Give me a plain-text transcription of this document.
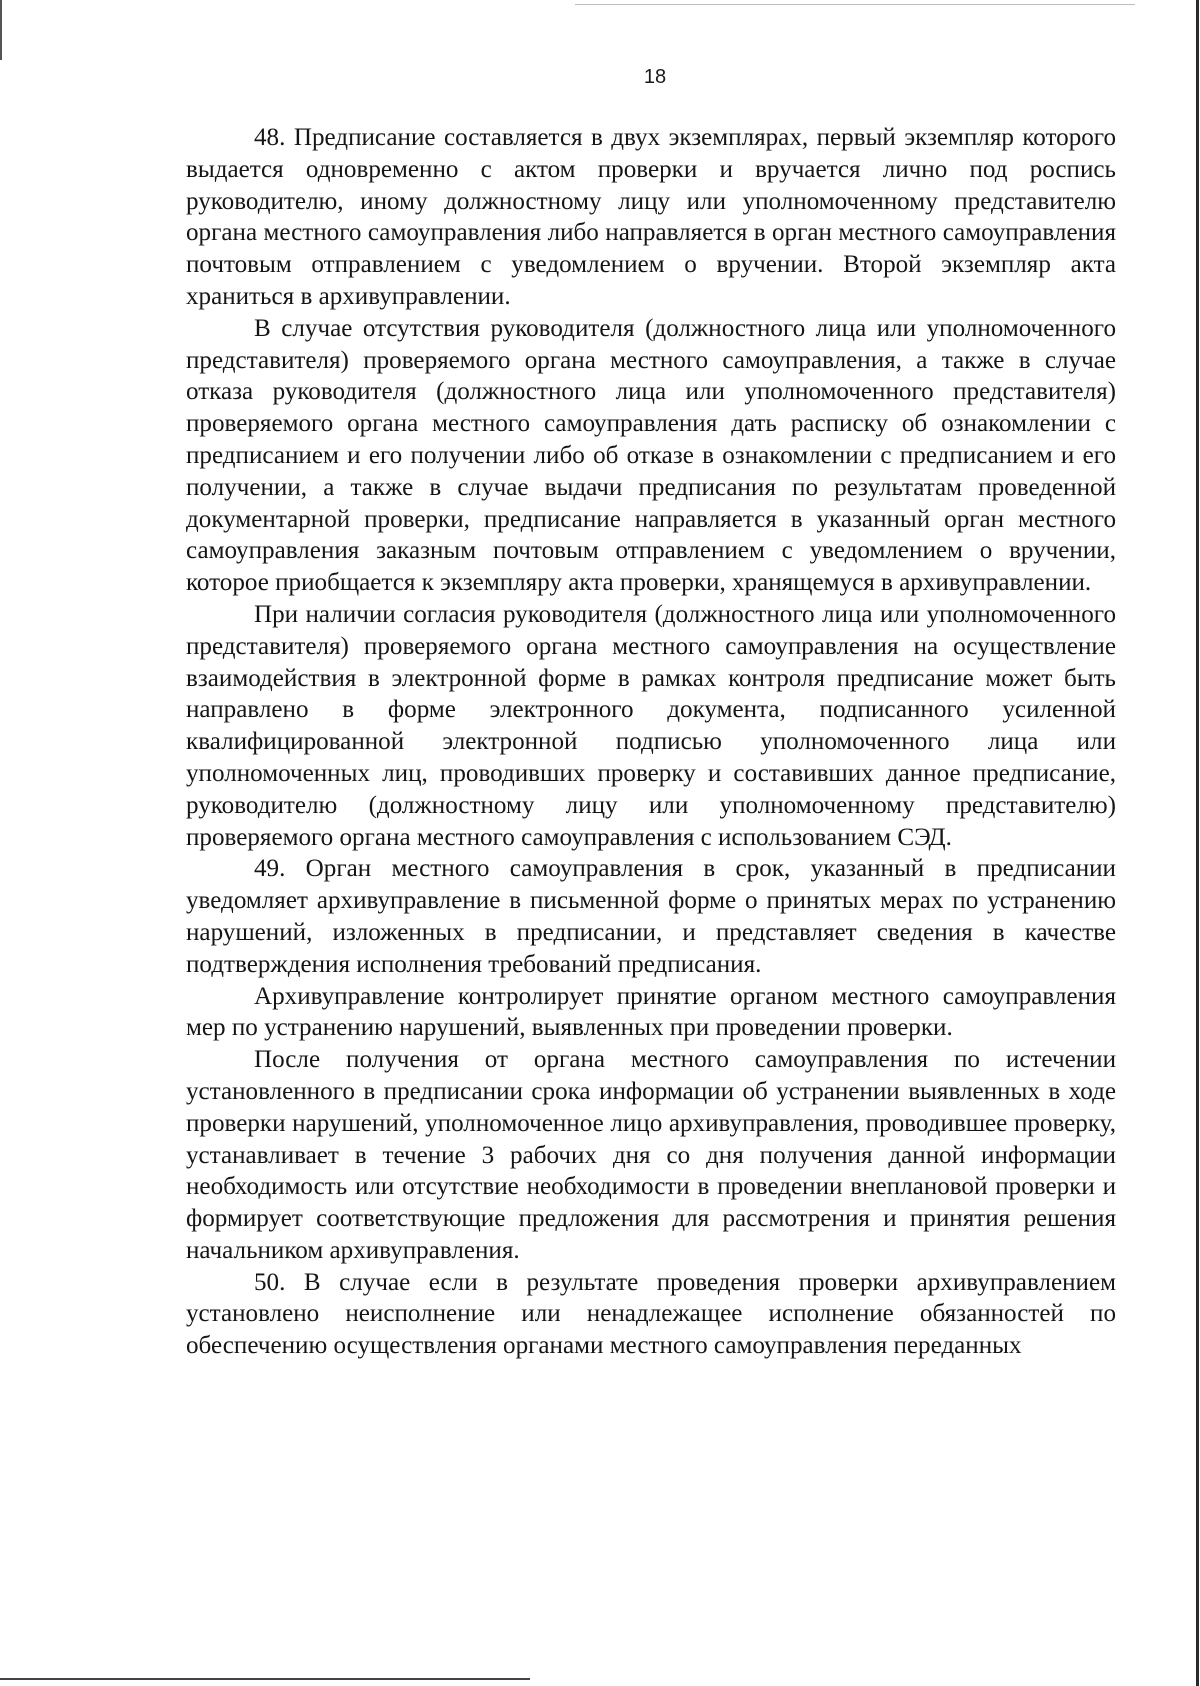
18

48. Предписание составляется в двух экземплярах, первый экземпляр которого выдается одновременно с актом проверки и вручается лично под роспись руководителю, иному должностному лицу или уполномоченному представителю органа местного самоуправления либо направляется в орган местного самоуправления почтовым отправлением с уведомлением о вручении. Второй экземпляр акта храниться в архивуправлении.

В случае отсутствия руководителя (должностного лица или уполномоченного представителя) проверяемого органа местного самоуправления, а также в случае отказа руководителя (должностного лица или уполномоченного представителя) проверяемого органа местного самоуправления дать расписку об ознакомлении с предписанием и его получении либо об отказе в ознакомлении с предписанием и его получении, а также в случае выдачи предписания по результатам проведенной документарной проверки, предписание направляется в указанный орган местного самоуправления заказным почтовым отправлением с уведомлением о вручении, которое приобщается к экземпляру акта проверки, хранящемуся в архивуправлении.

При наличии согласия руководителя (должностного лица или уполномоченного представителя) проверяемого органа местного самоуправления на осуществление взаимодействия в электронной форме в рамках контроля предписание может быть направлено в форме электронного документа, подписанного усиленной квалифицированной электронной подписью уполномоченного лица или уполномоченных лиц, проводивших проверку и составивших данное предписание, руководителю (должностному лицу или уполномоченному представителю) проверяемого органа местного самоуправления с использованием СЭД.

49. Орган местного самоуправления в срок, указанный в предписании уведомляет архивуправление в письменной форме о принятых мерах по устранению нарушений, изложенных в предписании, и представляет сведения в качестве подтверждения исполнения требований предписания.

Архивуправление контролирует принятие органом местного самоуправления мер по устранению нарушений, выявленных при проведении проверки.

После получения от органа местного самоуправления по истечении установленного в предписании срока информации об устранении выявленных в ходе проверки нарушений, уполномоченное лицо архивуправления, проводившее проверку, устанавливает в течение 3 рабочих дня со дня получения данной информации необходимость или отсутствие необходимости в проведении внеплановой проверки и формирует соответствующие предложения для рассмотрения и принятия решения начальником архивуправления.

50. В случае если в результате проведения проверки архивуправлением установлено неисполнение или ненадлежащее исполнение обязанностей по обеспечению осуществления органами местного самоуправления переданных
